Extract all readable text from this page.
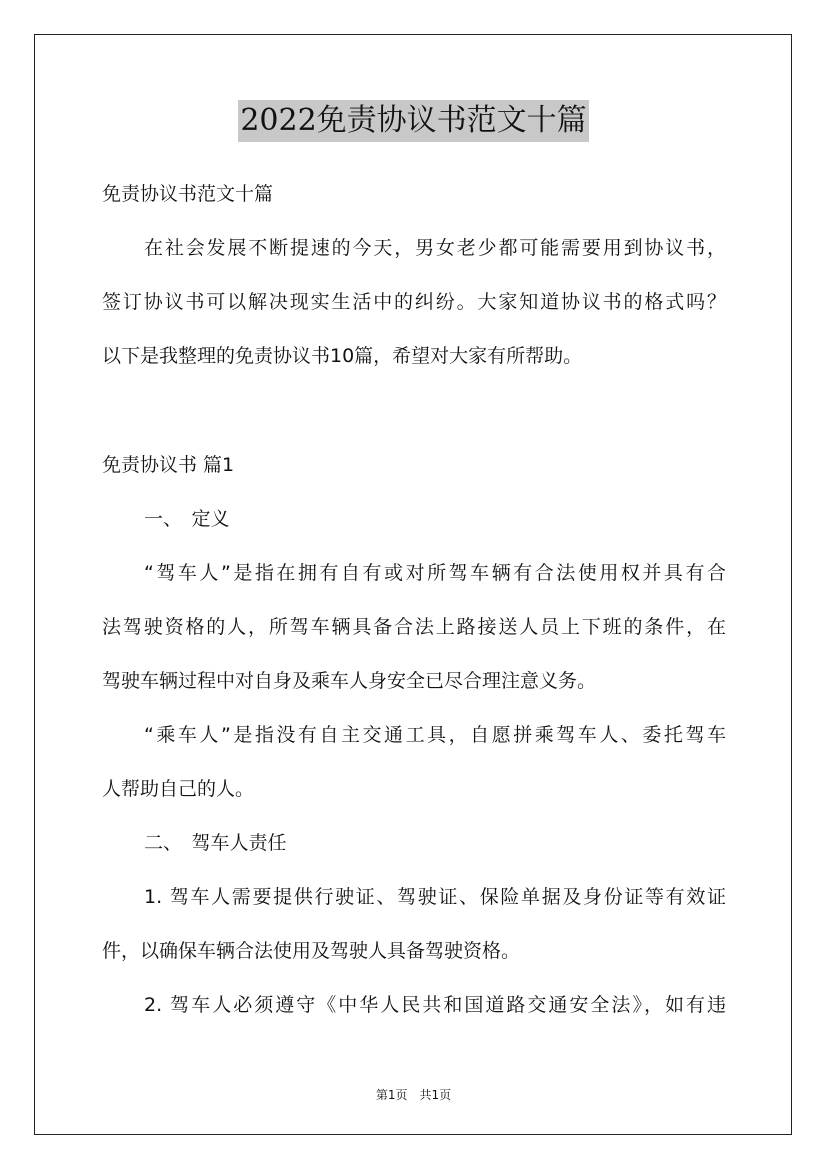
2022免责协议书范文十篇
免责协议书范文十篇
在社会发展不断提速的今天，男女老少都可能需要用到协议书，
签订协议书可以解决现实生活中的纠纷。大家知道协议书的格式吗？
以下是我整理的免责协议书10篇，希望对大家有所帮助。
免责协议书 篇1
一、　定义
“驾车人”是指在拥有自有或对所驾车辆有合法使用权并具有合
法驾驶资格的人，所驾车辆具备合法上路接送人员上下班的条件，在
驾驶车辆过程中对自身及乘车人身安全已尽合理注意义务。
“乘车人”是指没有自主交通工具，自愿拼乘驾车人、委托驾车
人帮助自己的人。
二、　驾车人责任
1. 驾车人需要提供行驶证、驾驶证、保险单据及身份证等有效证
件，以确保车辆合法使用及驾驶人具备驾驶资格。
2. 驾车人必须遵守《中华人民共和国道路交通安全法》，如有违
第1页　共1页
